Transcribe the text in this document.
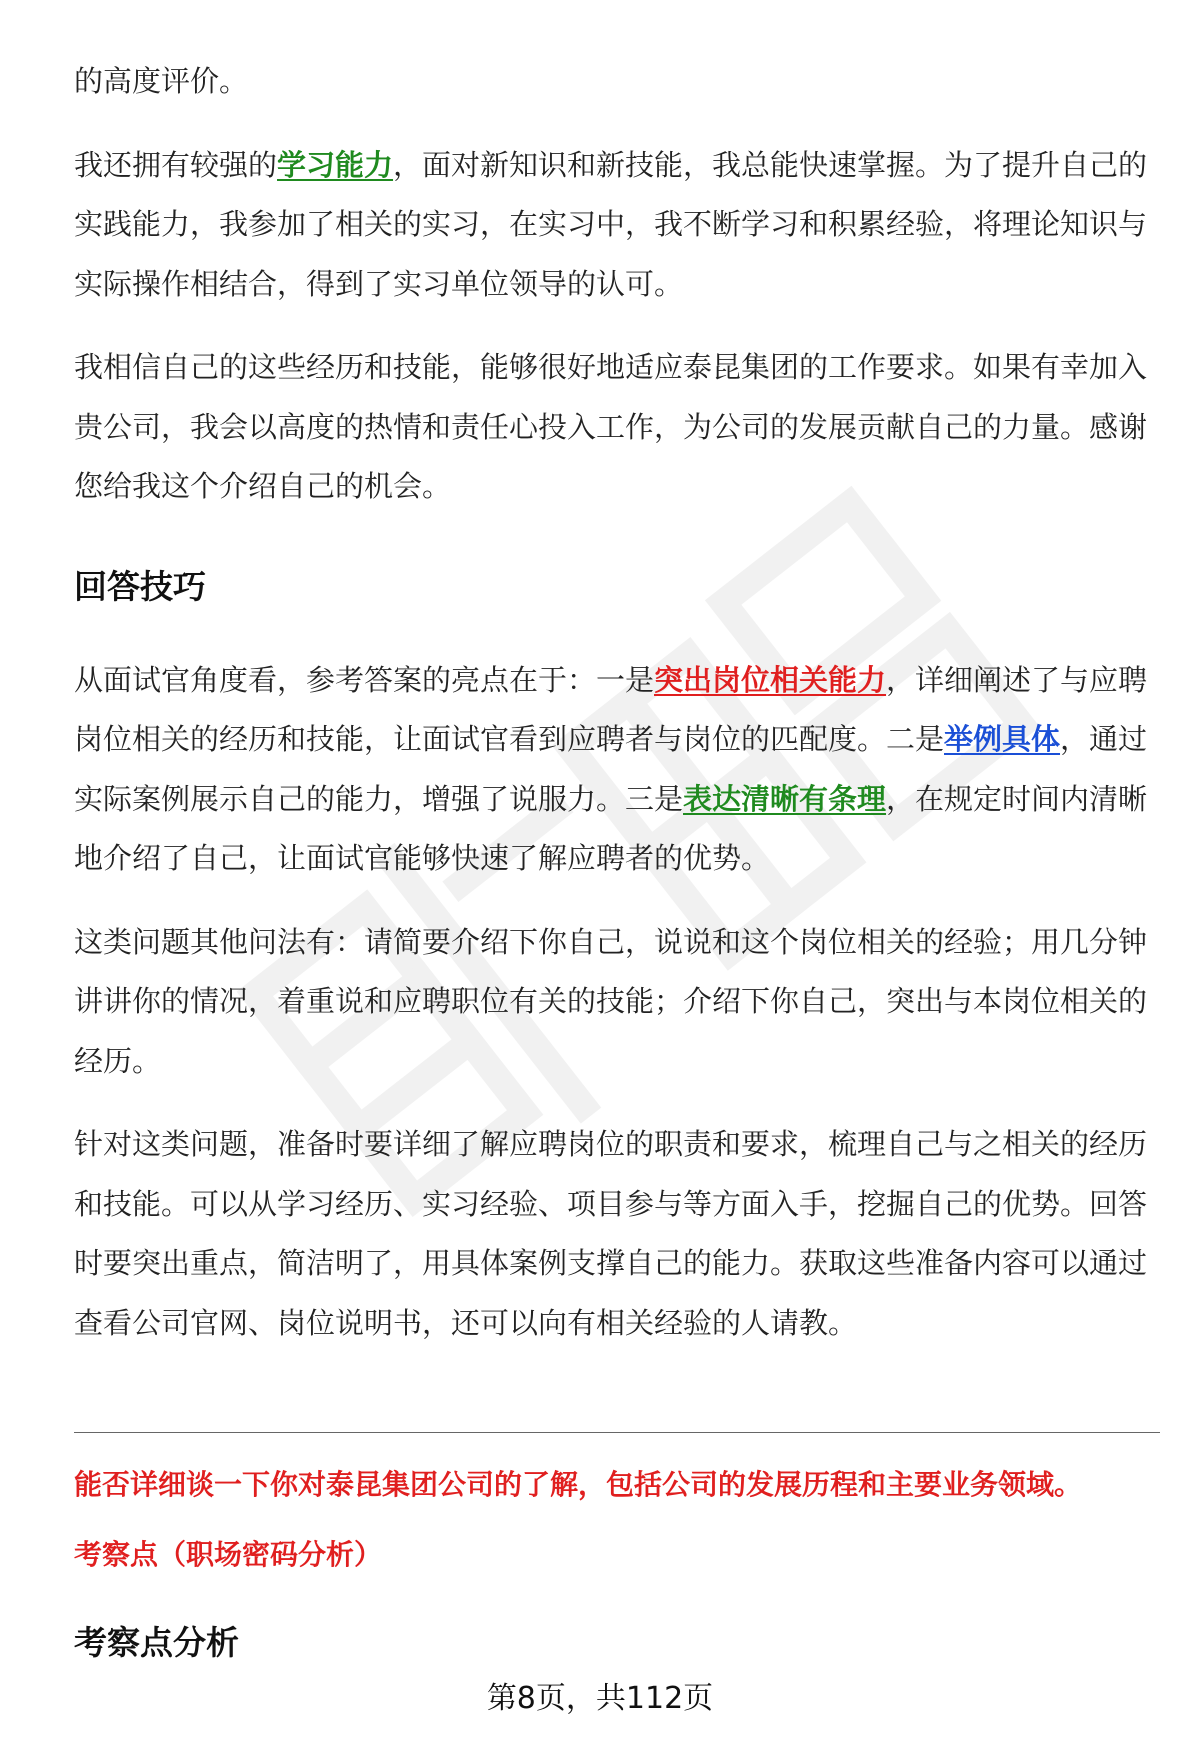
的高度评价。

我还拥有较强的学习能力，面对新知识和新技能，我总能快速掌握。为了提升自己的实践能力，我参加了相关的实习，在实习中，我不断学习和积累经验，将理论知识与实际操作相结合，得到了实习单位领导的认可。

我相信自己的这些经历和技能，能够很好地适应泰昆集团的工作要求。如果有幸加入贵公司，我会以高度的热情和责任心投入工作，为公司的发展贡献自己的力量。感谢您给我这个介绍自己的机会。

回答技巧

从面试官角度看，参考答案的亮点在于：一是突出岗位相关能力，详细阐述了与应聘岗位相关的经历和技能，让面试官看到应聘者与岗位的匹配度。二是举例具体，通过实际案例展示自己的能力，增强了说服力。三是表达清晰有条理，在规定时间内清晰地介绍了自己，让面试官能够快速了解应聘者的优势。

这类问题其他问法有：请简要介绍下你自己，说说和这个岗位相关的经验；用几分钟讲讲你的情况，着重说和应聘职位有关的技能；介绍下你自己，突出与本岗位相关的经历。

针对这类问题，准备时要详细了解应聘岗位的职责和要求，梳理自己与之相关的经历和技能。可以从学习经历、实习经验、项目参与等方面入手，挖掘自己的优势。回答时要突出重点，简洁明了，用具体案例支撑自己的能力。获取这些准备内容可以通过查看公司官网、岗位说明书，还可以向有相关经验的人请教。

能否详细谈一下你对泰昆集团公司的了解，包括公司的发展历程和主要业务领域。
考察点（职场密码分析）
考察点分析
第8页，共112页
